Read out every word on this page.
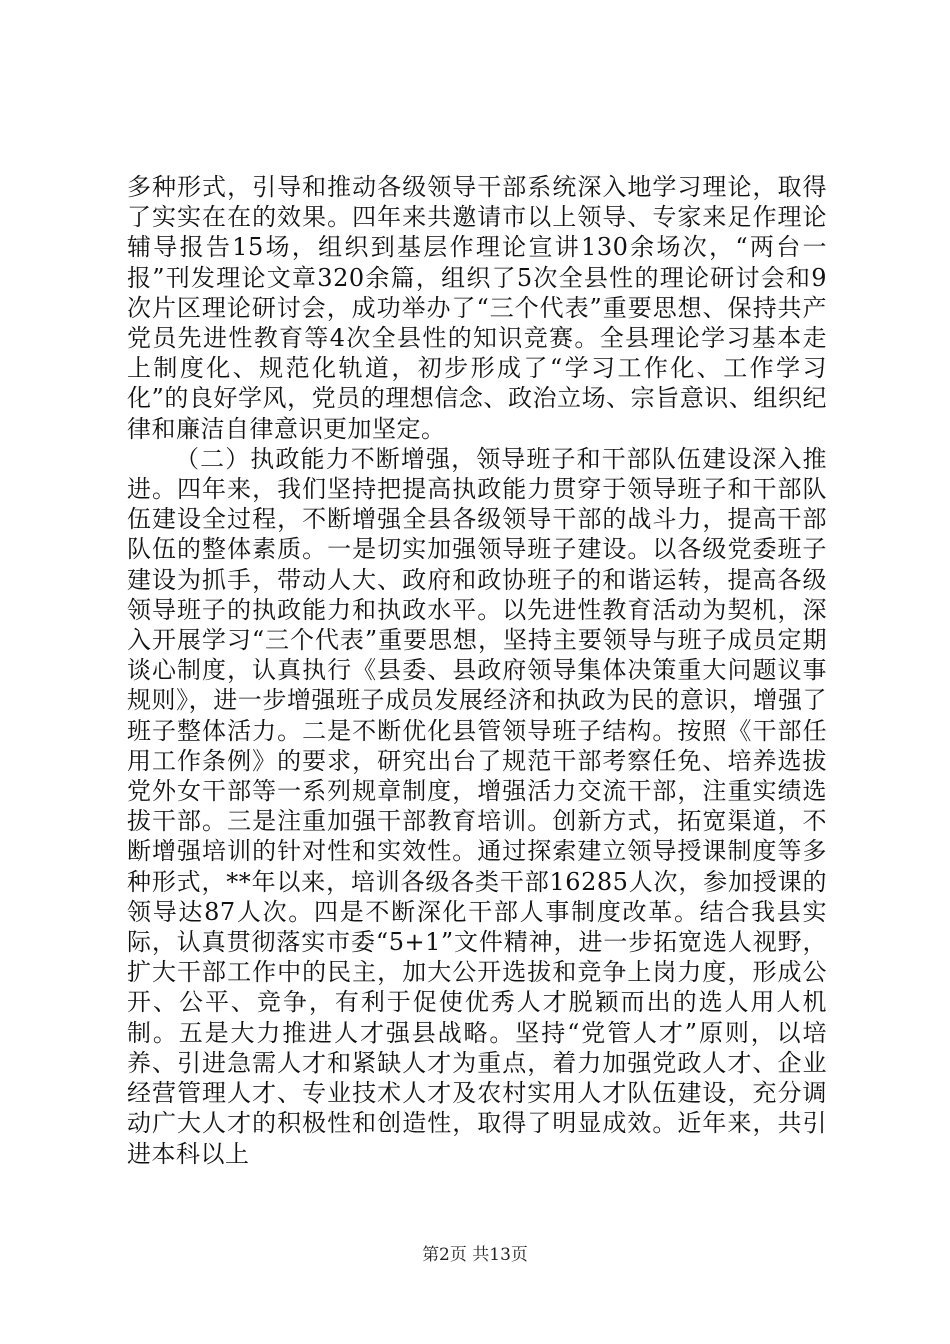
多种形式，引导和推动各级领导干部系统深入地学习理论，取得了实实在在的效果。四年来共邀请市以上领导、专家来足作理论辅导报告15场，组织到基层作理论宣讲130余场次，“两台一报”刊发理论文章320余篇，组织了5次全县性的理论研讨会和9次片区理论研讨会，成功举办了“三个代表”重要思想、保持共产党员先进性教育等4次全县性的知识竞赛。全县理论学习基本走上制度化、规范化轨道，初步形成了“学习工作化、工作学习化”的良好学风，党员的理想信念、政治立场、宗旨意识、组织纪律和廉洁自律意识更加坚定。

（二）执政能力不断增强，领导班子和干部队伍建设深入推进。四年来，我们坚持把提高执政能力贯穿于领导班子和干部队伍建设全过程，不断增强全县各级领导干部的战斗力，提高干部队伍的整体素质。一是切实加强领导班子建设。以各级党委班子建设为抓手，带动人大、政府和政协班子的和谐运转，提高各级领导班子的执政能力和执政水平。以先进性教育活动为契机，深入开展学习“三个代表”重要思想，坚持主要领导与班子成员定期谈心制度，认真执行《县委、县政府领导集体决策重大问题议事规则》，进一步增强班子成员发展经济和执政为民的意识，增强了班子整体活力。二是不断优化县管领导班子结构。按照《干部任用工作条例》的要求，研究出台了规范干部考察任免、培养选拔党外女干部等一系列规章制度，增强活力交流干部，注重实绩选拔干部。三是注重加强干部教育培训。创新方式，拓宽渠道，不断增强培训的针对性和实效性。通过探索建立领导授课制度等多种形式，**年以来，培训各级各类干部16285人次，参加授课的领导达87人次。四是不断深化干部人事制度改革。结合我县实际，认真贯彻落实市委“5+1”文件精神，进一步拓宽选人视野，扩大干部工作中的民主，加大公开选拔和竞争上岗力度，形成公开、公平、竞争，有利于促使优秀人才脱颖而出的选人用人机制。五是大力推进人才强县战略。坚持“党管人才”原则，以培养、引进急需人才和紧缺人才为重点，着力加强党政人才、企业经营管理人才、专业技术人才及农村实用人才队伍建设，充分调动广大人才的积极性和创造性，取得了明显成效。近年来，共引进本科以上

第2页 共13页
